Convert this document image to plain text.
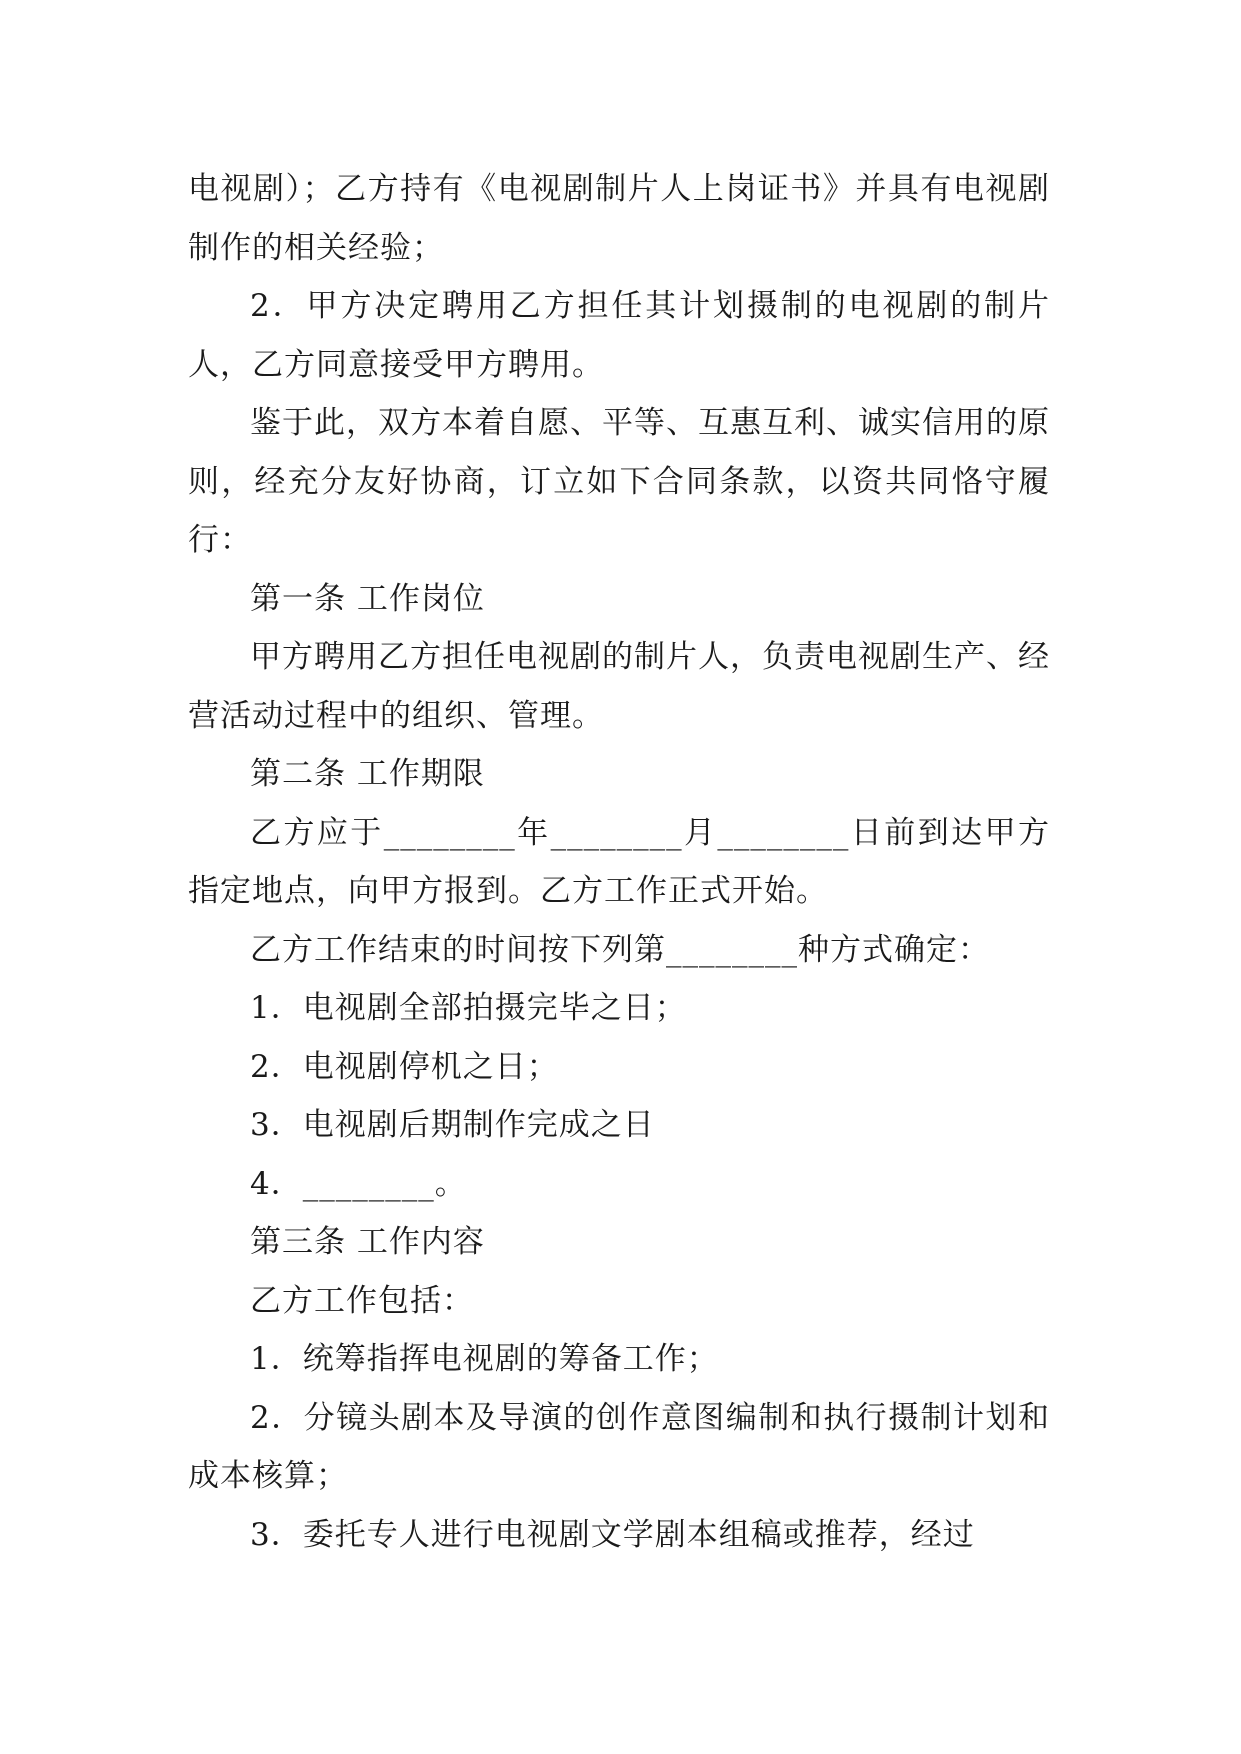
电视剧）；乙方持有《电视剧制片人上岗证书》并具有电视剧制作的相关经验；

2．甲方决定聘用乙方担任其计划摄制的电视剧的制片人，乙方同意接受甲方聘用。

鉴于此，双方本着自愿、平等、互惠互利、诚实信用的原则，经充分友好协商，订立如下合同条款，以资共同恪守履行：

第一条 工作岗位

甲方聘用乙方担任电视剧的制片人，负责电视剧生产、经营活动过程中的组织、管理。

第二条 工作期限

乙方应于________年________月________日前到达甲方指定地点，向甲方报到。乙方工作正式开始。

乙方工作结束的时间按下列第________种方式确定：

1．电视剧全部拍摄完毕之日；

2．电视剧停机之日；

3．电视剧后期制作完成之日

4．________。

第三条 工作内容

乙方工作包括：

1．统筹指挥电视剧的筹备工作；

2．分镜头剧本及导演的创作意图编制和执行摄制计划和成本核算；

3．委托专人进行电视剧文学剧本组稿或推荐，经过
